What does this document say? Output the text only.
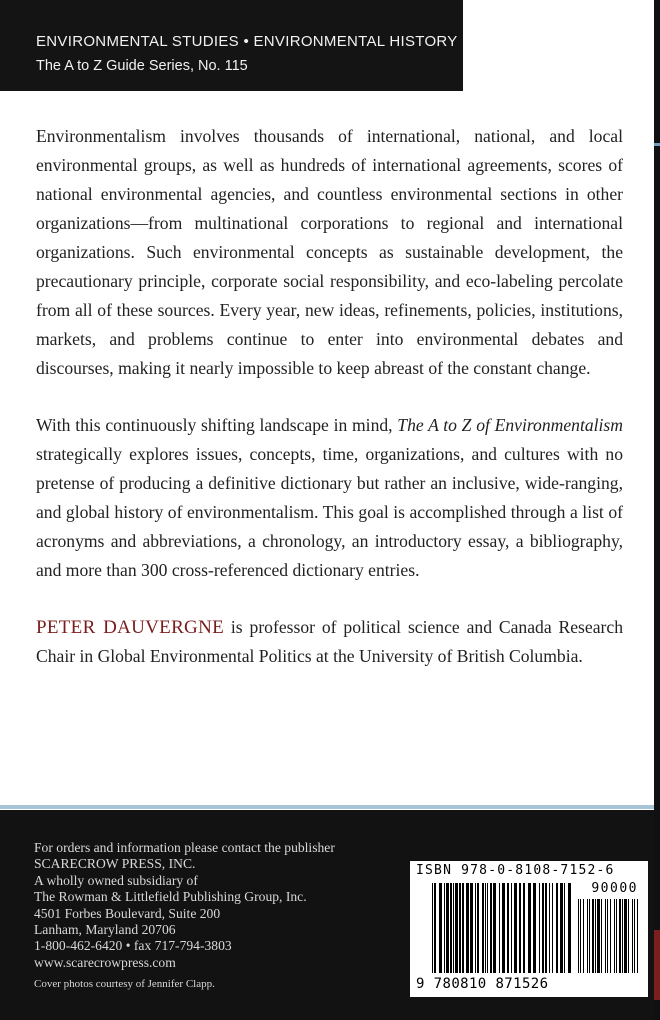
ENVIRONMENTAL STUDIES • ENVIRONMENTAL HISTORY
The A to Z Guide Series, No. 115

Environmentalism involves thousands of international, national, and local environmental groups, as well as hundreds of international agreements, scores of national environmental agencies, and countless environmental sections in other organizations—from multinational corporations to regional and international organizations. Such environmental concepts as sustainable development, the precautionary principle, corporate social responsibility, and eco-labeling percolate from all of these sources. Every year, new ideas, refinements, policies, institutions, markets, and problems continue to enter into environmental debates and discourses, making it nearly impossible to keep abreast of the constant change.

With this continuously shifting landscape in mind, The A to Z of Environmentalism strategically explores issues, concepts, time, organizations, and cultures with no pretense of producing a definitive dictionary but rather an inclusive, wide-ranging, and global history of environmentalism. This goal is accomplished through a list of acronyms and abbreviations, a chronology, an introductory essay, a bibliography, and more than 300 cross-referenced dictionary entries.

PETER DAUVERGNE is professor of political science and Canada Research Chair in Global Environmental Politics at the University of British Columbia.

For orders and information please contact the publisher
SCARECROW PRESS, INC.
A wholly owned subsidiary of
The Rowman & Littlefield Publishing Group, Inc.
4501 Forbes Boulevard, Suite 200
Lanham, Maryland 20706
1-800-462-6420 • fax 717-794-3803
www.scarecrowpress.com
Cover photos courtesy of Jennifer Clapp.
ISBN 978-0-8108-7152-6
90000
9 780810 871526
